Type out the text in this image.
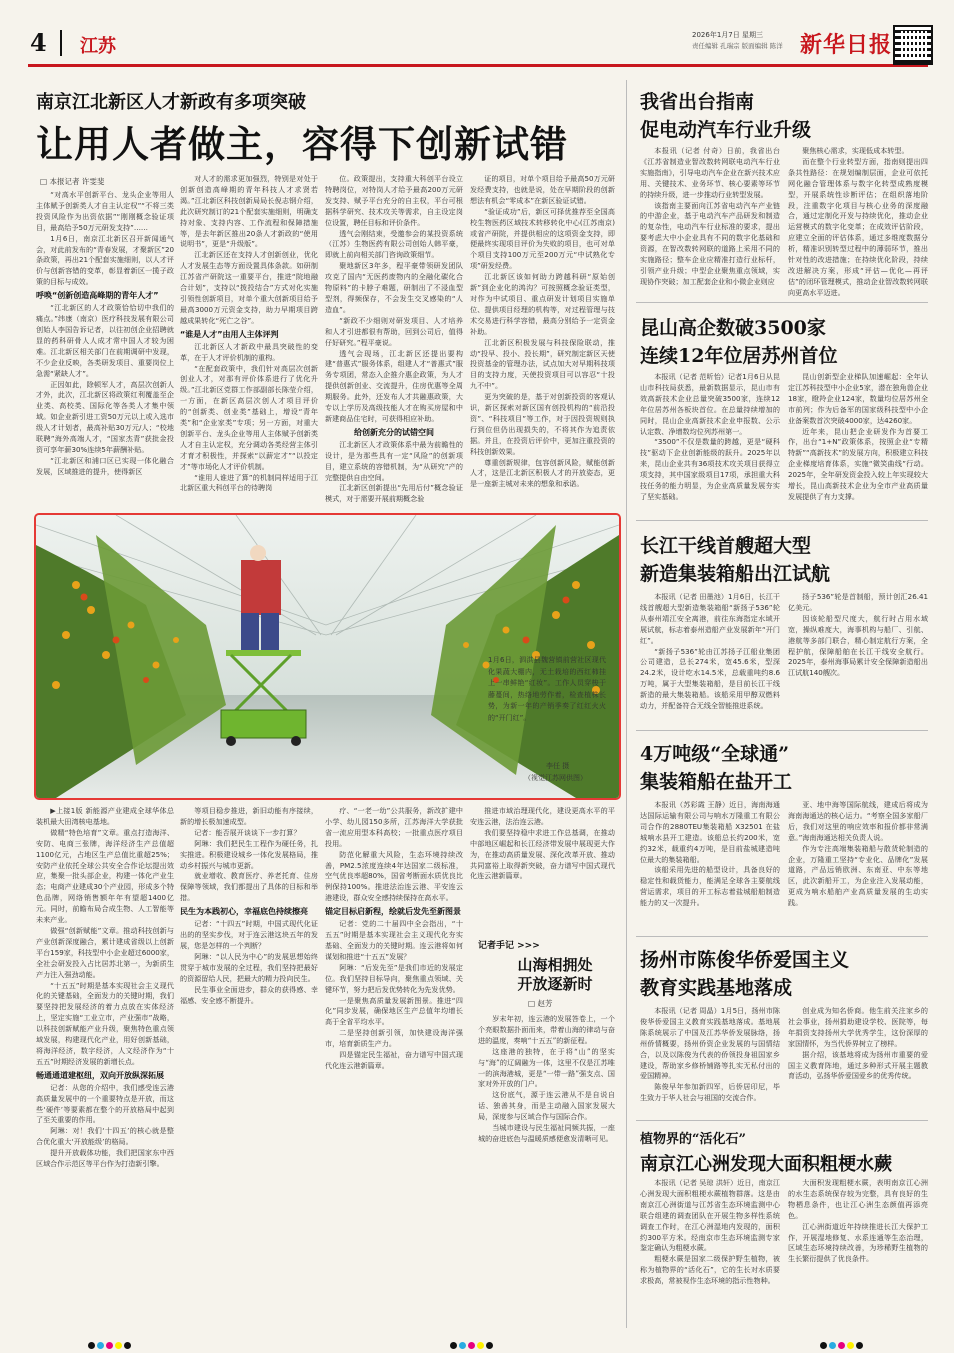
4 江苏
2026年1月7日 星期三
责任编辑 孔瑞宗 版面编辑 陈洋 新华日报
南京江北新区人才新政有多项突破
让用人者做主，容得下创新试错
□ 本报记者 许雯斐

“对高水平创新平台、龙头企业等用人主体赋予创新类人才自主认定权”“不将三类投资风险作为出资依据”“刚刚概念验证项目，最高给予50万元研发支持”……

1月6日，南京江北新区召开新闻通气会，对此前发布的“青春发展，才聚新区”20条政策，再出21个配套实施细则，以人才评价与创新容错的变革，彰显着新区一揽子政策的目标与成效。

呼唤“创新创造高峰期的青年人才”

“江北新区的人才政策恰恰切中我们的痛点。”纬康（南京）医疗科技发展有限公司创始人李国告诉记者，以往初创企业招聘就显的药科研骨人人成才常中国人才较为困难。江北新区相关部门在前期调研中发现，不少企业反映，各类研发项目、重要岗位上急需“紧缺人才”。

正因如此，除顿军人才，高层次创新人才外，此次，江北新区将政策红利覆盖至企业类、高校类、国际化等各类人才集中领域。如企业新引进工资50万元以上或入选市级人才计划者，最高补贴30万元/人；“校地联聘”海外高端人才，“国家杰青”获批金投资可享年薪30%连续5年薪酬补贴。

“江北新区和浦口区已实现一体化融合发展，区域推进的提升，使得新区

对人才的需求更加强烈，特别是对处于创新创造高峰期的青年科技人才求贤若渴。”江北新区科技创新局局长倪志钢介绍，此次研究制订的21个配套实施细则，明确支持对象、支持内容、工作流程和保障措施等，是去年新区推出20条人才新政的“使用说明书”，更是“升级版”。

江北新区还在支持人才创新创业，优化人才发展生态等方面设置具体条款。如研制江苏省产研院这一重要平台，推进“院地融合计划”，支持以“拨投结合”方式对化实施引领性创新项目，对单个重大创新项目给予最高3000万元资金支持，助力早期项目跨越成果转化“死亡之谷”。

“谁是人才”由用人主体评判

江北新区人才新政中最具突破性的变革，在于人才评价机制的重构。

“在配套政策中，我们针对高层次创新创业人才，对那有评价体系进行了优化升级。”江北新区党群工作部副部长陈莹介绍，一方面，在新区高层次创人才项目评价的“创新类、创业类”基础上，增设“青年类”和“企业家类”专项；另一方面，对重大创新平台、龙头企业等用人主体赋予创新类人才自主认定权，充分调动各类经营主体引才育才积极性，并探索“以薪定才”“以投定才”等市场化人才评价机制。

“谁用人谁进了算”的机制同样适用于江北新区重大科创平台的待聘岗

位。政策提出，支持重大科创平台设立特聘岗位，对特岗人才给予最高200万元研发支持、赋予平台充分的自主权，平台可根据科学研究、技术攻关等需求，自主设定岗位设置，聘任目标和评价条件。

透气会刚结束，受邀参会的某投资系统（江苏）生物医药有限公司创始人韩平豪，即就上前向相关部门咨询政策细节。

聚地新区3年多，程平豪带领研发团队攻克了国内“无医药废物内的全融化碳化合物原料”的卡脖子难题，研制出了不浸血型型剂，得频保存，不会发生交叉感染的“人造血”。

“新政不少细则对研发项目、人才培养和人才引进都很有帮助，回到公司后，值得仔好研究。”程平豪说。

透气会现场，江北新区还提出要构建“普惠式”服务体系，组建人才“普惠式”服务专项团，常态入企推介惠企政策，为人才提供创新创业、交流提升，住房优惠等全周期服务。此外，还发布人才共融惠政策，大专以上学历及高级技能人才在购买房屋和中新建商品住宅时，可获得相应补助。

给创新充分的试错空间

江北新区人才政策体系中最为前瞻性的设计，是为那些具有一定“风险”的创新项目，建立系统的容错机制，为“从研究”产的完整提供自由空间。

江北新区创新提出“先用后付”概念验证模式，对于需要开展前期概念验

证的项目，对单个项目给予最高50万元研发经费支持，也就是说，处在早期阶段的创新想法有机会“零成本”在新区验证试错。

“验证成功”后，新区可择优推荐至全国高校生物医药区域技术转移转化中心(江苏南京)或省产研院，并提供相应的这项资金支持，即便最终实现项目评价为失败的项目，也可对单个项目支持100万元至200万元“中试熟化专项”研发经费。

江北新区该如何助力跨越科研“原始创新”到企业化的鸿沟？可按照概念验证类型，对作为中试项目、重点研发计划项目实施单位、提供项目经理的机构等，对过程管理与技术交易进行科学容错，最高分别给予一定资金补助。

江北新区积极发展与科技保险联动，推动“投早、投小、投长期”，研究制定新区天使投资基金的管理办法，试点加大对早期科技项目的支持力度，天使投资项目可以容忍“十投九不中”。

更为突破的是，基于对创新投资的客观认识，新区探索对新区国有创投机构的“前沿投资”、“科技项目”等工作，对于因投资规则执行到位但仍出现损失的，不将其作为追责依据。并且，在投资后评价中，更加注重投资的科技创新效果。

尊重创新规律，包容创新风险，赋能创新人才，这是江北新区积极人才的开放姿态，更是一座新主城对未来的想象和承诺。

1月6日，泗洪县魏营镇前营社区现代化果蔬大棚内，无土栽培的西红柿挂上一串鲜艳“红妆”。工作人员穿梭于藤蔓间，热络地劳作着，检查植株长势，为新一年的产销季奏了红红火火的“开门红”。
李任 摄
（视觉江苏网供图）

▶上接1版 新能源产业建成全球华体总装机最大田湾核电基地。

做精“特色培育”文章。重点打造海洋、安防、电商三张牌，海洋经济生产总值超1100亿元，占地区生产总值比重超25%；安防产业依托全球公共安全合作论坛提出效应，集聚一批头部企业，构建一体化产业生态；电商产业建成30个产业园，形成多个特色品牌，网络销售额年年有望超1400亿元。同时，前瞻布局合成生物、人工智能等未来产业。

做强“创新赋能”文章。推动科技创新与产业创新深度融合，累计建成省级以上创新平台159家，科技型中小企业超过6000家，全社会研发投入占比居苏北第一，为新质生产力注入强劲动能。

“十五五”时期是基本实现社会主义现代化的关键基础，全面发力的关键时期，我们要坚持把发展经济的着力点放在实体经济上，坚定实施“工业立市，产业强市”战略，以科技创新赋能产业升级，聚焦特色重点领域发展，构建现代化产业，用好创新基础，将海洋经济，数字经济，人文经济作为“十五五”时期经济发展的新增长点。

畅通通道建枢纽，双向开放纵深拓展

记者：从您的介绍中，我们感受连云港高质量发展中的一个重要特点是开放，而这些‘硬件’等要素都在整个的开放格局中起到了至关重要的作用。

阿琳：对！我们‘十四五’的核心就是整合优化重大‘开放能级’的格局。

提升开放载体功能，我们把国家东中西区域合作示范区等平台作为打造新引擎。

等项目稳步推进，新旧动能有序接续，新的增长极加速成型。

记者：能否展开谈谈下一步打算？

阿琳：我们把民生工程作为硬任务，扎实推进。积极建设城乡一体化发展格局，推动乡村振兴与城市更新。

就业增收、教育医疗、养老托育、住房保障等领域，我们都提出了具体的目标和举措。

民生为本践初心，幸福底色持续擦亮

记者：“十四五”时期，中国式现代化证出的的坚实步伐，对于连云港这块五年的发展，您是怎样的一个判断？

阿琳：“以人民为中心”的发展思想始终贯穿于城市发展的全过程，我们坚持把最好的资源留给人民，把最大的精力投向民生。

民生事业全面进步，群众的获得感、幸福感、安全感不断提升。

疗、“一老一幼”公共服务，新改扩建中小学、幼儿园150多所，江苏海洋大学获批省一流应用型本科高校；一批重点医疗项目投用。

防范化解重大风险，生态环境持续改善，PM2.5浓度连续4年达国家二级标准，空气优良率超80%，国省考断面水质优良比例保持100%。推进法治连云港、平安连云港建设，群众安全感持续保持在高水平。

锚定目标启新程，绘就后发先至新图景

记者：党的二十届四中全会指出，“十五五”时期是基本实现社会主义现代化夯实基础、全面发力的关键时期。连云港将如何谋划和推进“十五五”发展？

阿琳：“后发先至”是我们市近的发展定位。我们坚持目标导向，聚焦重点领域、关键环节，努力把后发优势转化为先发优势。

一是聚焦高质量发展新图景。推进“四化”同步发展，确保地区生产总值年均增长高于全省平均水平。

二是坚持创新引领，加快建设海洋强市，培育新质生产力。

四是锚定民生福祉，奋力谱写中国式现代化连云港新篇章。

推进市域治理现代化，建设更高水平的平安连云港，法治连云港。

我们要坚持稳中求进工作总基调，在推动中部地区崛起和长江经济带发展中展现更大作为，在推动高质量发展、深化改革开放、推动共同富裕上取得新突破，奋力谱写中国式现代化连云港新篇章。

记者手记 >>>
山海相拥处
开放逐新时
□ 赵芳

岁末年初，连云港的发展答卷上，一个个亮眼数据扑面而来，带着山海的律动与奋进的温度，奏响“十五五”的新征程。

这座港的独特，在于将“山”的坚实与“海”的辽阔融为一体，这里不仅是江苏唯一的滨海港城，更是“一带一路”强支点、国家对外开放的门户。

这份底气，源于连云港从不是自说自话、独善其身，而是主动融入国家发展大局，深度参与区域合作与国际合作。

当城市建设与民生福祉同频共振，一座城的奋进底色与温暖质感便愈发清晰可见。

我省出台指南
促电动汽车行业升级

本报讯（记者 付奇）日前，我省出台《江苏省制造业智改数转网联电动汽车行业实施指南》，引导电动汽车企业在新兴技术应用、关键技术、业务环节、核心要素等环节的持续升级，进一步推动行业转型发展。

该指南主要面向江苏省电动汽车产业链的中游企业，基于电动汽车产品研发和制造的复杂性，电动汽车行业标准的要求，提出要考虑大中小企业具有不同的数字化基础和资源，在智改数转网联的道路上采用不同的实施路径；整车企业应精准打造行业标杆，引领产业升级；中型企业聚焦重点领域，实现协作突破；加工配套企业和小微企业则应

聚焦核心需求，实现低成本转型。

而在整个行业转型方面，指南则提出四条共性路径：在规划编制层面，企业可依托网化融合管理体系与数字化转型成熟度模型，开展系统性诊断评估；在组织落地阶段，注重数字化项目与核心业务的深度融合，通过定制化开发与持续优化，推动企业运营模式的数字化变革；在成效评估阶段，应建立全面的评估体系，通过多维度数据分析，精准识别转型过程中的薄弱环节，推出针对性的改进措施；在持续优化阶段，持续改进解决方案，形成“评估—优化—再评估”的闭环管理模式，推动企业智改数转网联向更高水平迈进。

昆山高企数破3500家
连续12年位居苏州首位

本报讯（记者 范昕怡）记者1月6日从昆山市科技局获悉，最新数据显示，昆山市有效高新技术企业总量突破3500家，连续12年位居苏州各板块首位。在总量持续增加的同时，昆山企业高新技术企业申报数、公示认定数、净增数均位列苏州第一。

“3500”不仅是数量的跨越，更是“硬科技”驱动下企业创新能级的跃升。2025年以来，昆山企业共有36项技术攻关项目获得立项支持，其中国家级项目17项，承担重大科技任务的能力明显，为企业高质量发展夯实了坚实基础。

昆山创新型企业梯队加速崛起：全年认定江苏科技型中小企业5家，潜在独角兽企业18家，瞪羚企业124家，数量均位居苏州全市前列；作为后备军的国家级科技型中小企业备案数首次突破4000家，达4260家。

近年来，昆山把企业研发作为首要工作，出台“1+N”政策体系，按照企业“专精特新”“高新技术”的发展方向，积极建立科技企业梯度培育体系，实施“微笑曲线”行动。2025年，全年研发资金投入较上年实现较大增长，昆山高新技术企业为全市产业高质量发展提供了有力支撑。

长江干线首艘超大型
新造集装箱船出江试航

本报讯（记者 田墨池）1月6日，长江干线首艘超大型新造集装箱船“新扬子536”轮从泰州靖江安全离港，前往东海指定水域开展试航，标志着泰州造船产业发展新年“开门红”。

“新扬子536”轮由江苏扬子江船业集团公司建造，总长274米，宽45.6米，型深24.2米，设计吃水14.5米，总载重吨约8.6万吨，属于大型集装箱船，是目前长江干线新造的最大集装箱船。该船采用甲醇双燃料动力，并配备符合无线全智能推进系统。

扬子536”轮是首制船，预计创汇26.41亿美元。

因该轮船型尺度大，航行时占用水域宽，操纵难度大，海事机构与船厂、引航、港航等多部门联合，精心制定航行方案，全程护航，保障船舶在长江干线安全航行。2025年，泰州海事局累计安全保障新造船出江试航140艘次。

4万吨级“全球通”
集装箱船在盐开工

本报讯（苏彩霞 王静）近日，海南海通达国际运输有限公司与响水万隆重工有限公司合作的2880TEU集装箱船 X32501 在盐城响水县开工建造。该船总长约200米，宽约32米，载重约4万吨，是目前盐城建造吨位最大的集装箱船。

该船采用先进的船型设计，具备良好的稳定性和载货能力，能满足全球各主要航线营运需求，项目的开工标志着盐城船舶制造能力的又一次提升。

亚、地中海等国际航线，建成后将成为海南海通达的核心运力。“考察全国多家船厂后，我们对这里的响应效率和报价都非常满意。”海南海通达相关负责人说。

作为专注高端集装箱船与散货轮制造的企业，万隆重工坚持“专业化、品牌化”发展道路，产品远销欧洲、东南亚、中东等地区，此次新船开工，为企业注入发展动能，更成为响水船舶产业高质量发展的生动实践。

扬州市陈俊华侨爱国主义
教育实践基地落成

本报讯（记者 周晶）1月5日，扬州市陈俊华侨爱国主义教育实践基地落成。基地展陈系统展示了中国及江苏华侨发展脉络，扬州侨情概要，扬州侨资企业发展的与国情结合，以及以陈俊为代表的侨领投身祖国家乡建设，帮助家乡修桥铺路等扎实无私付出的爱国精神。

陈俊早年参加新四军，后侨居印尼，毕生致力于华人社会与祖国的交流合作。

创业成为知名侨商。他生前关注家乡的社会事业，扬州捐助建设学校、医院等，每年捐资支持扬州大学优秀学生，这份深厚的家国情怀，为当代侨界树立了榜样。

据介绍，该基地将成为扬州市重要的爱国主义教育阵地，通过多种形式开展主题教育活动，弘扬华侨爱国爱乡的优秀传统。

植物界的“活化石”
南京江心洲发现大面积粗梗水蕨

本报讯（记者 吴琼 洪轩）近日，南京江心洲发现大面积粗梗水蕨植物群落。这是由南京江心洲街道与江苏省生态环境监测中心联合组建的调查团队在开展生物多样性系统调查工作时，在江心洲湿地内发现的，面积约300平方米。经南京市生态环境监测专家鉴定确认为粗梗水蕨。

粗梗水蕨是国家二级保护野生植物，被称为植物界的“活化石”，它的生长对水质要求极高，常被视作生态环境的指示性物种。

大面积发现粗梗水蕨，表明南京江心洲的水生态系统保存较为完整，具有良好的生物栖息条件，也让江心洲生态颜值再添亮色。

江心洲街道近年持续推进长江大保护工作，开展湿地修复、水系连通等生态治理，区域生态环境持续改善，为珍稀野生植物的生长繁衍提供了优良条件。
